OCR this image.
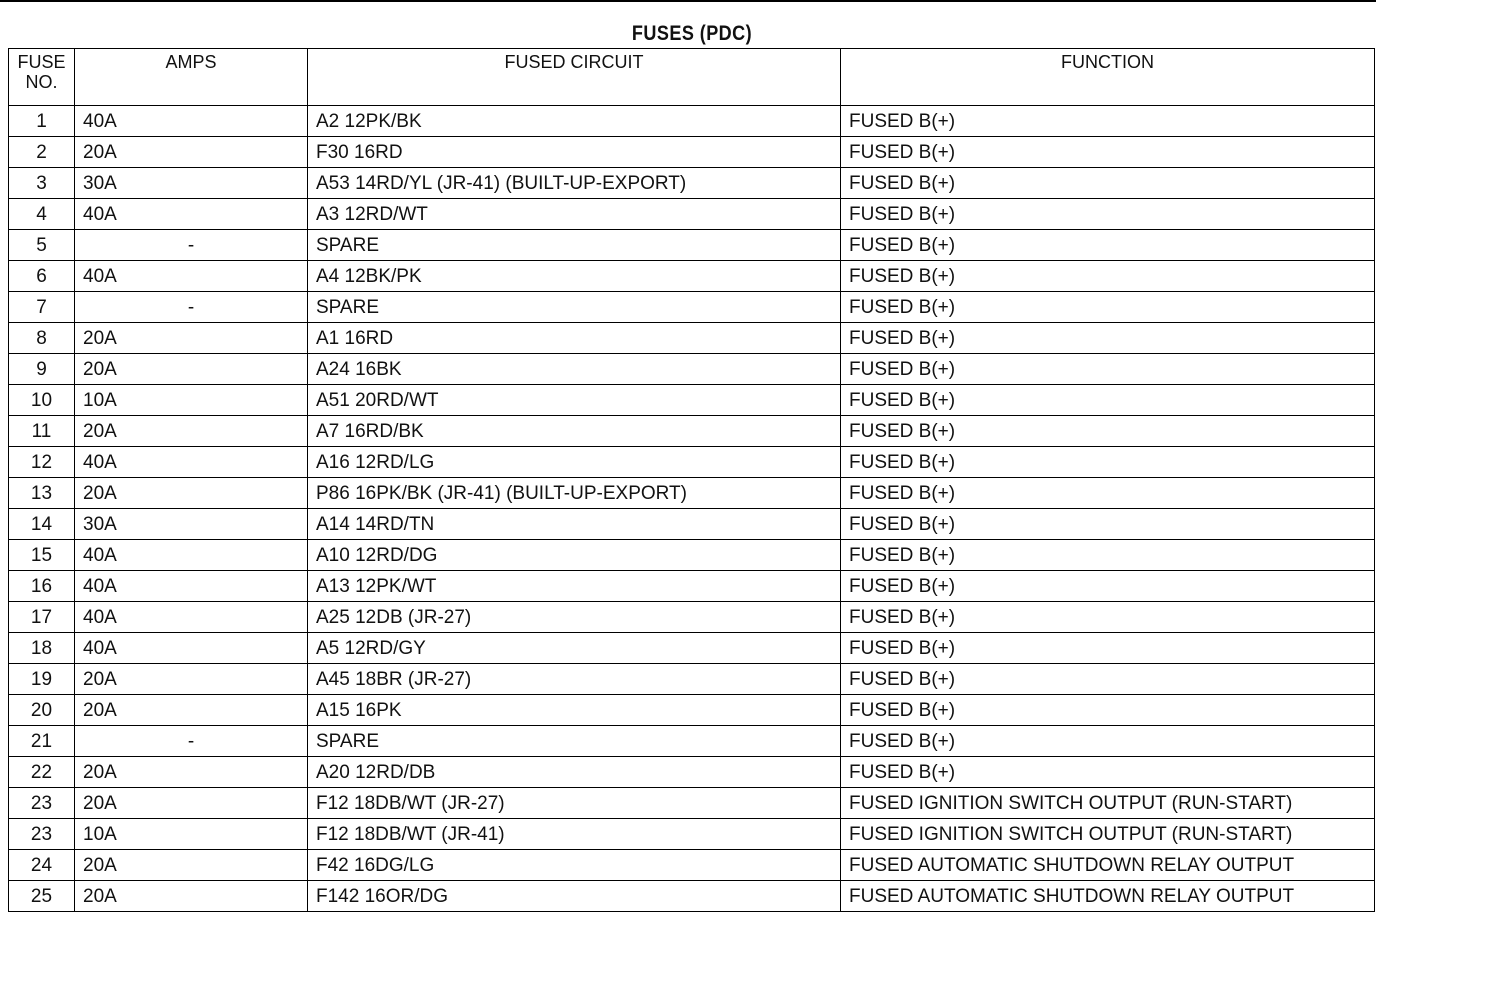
FUSES (PDC)
FUSE
NO.	AMPS	FUSED CIRCUIT	FUNCTION
1	40A	A2 12PK/BK	FUSED B(+)
2	20A	F30 16RD	FUSED B(+)
3	30A	A53 14RD/YL (JR-41) (BUILT-UP-EXPORT)	FUSED B(+)
4	40A	A3 12RD/WT	FUSED B(+)
5	-	SPARE	FUSED B(+)
6	40A	A4 12BK/PK	FUSED B(+)
7	-	SPARE	FUSED B(+)
8	20A	A1 16RD	FUSED B(+)
9	20A	A24 16BK	FUSED B(+)
10	10A	A51 20RD/WT	FUSED B(+)
11	20A	A7 16RD/BK	FUSED B(+)
12	40A	A16 12RD/LG	FUSED B(+)
13	20A	P86 16PK/BK (JR-41) (BUILT-UP-EXPORT)	FUSED B(+)
14	30A	A14 14RD/TN	FUSED B(+)
15	40A	A10 12RD/DG	FUSED B(+)
16	40A	A13 12PK/WT	FUSED B(+)
17	40A	A25 12DB (JR-27)	FUSED B(+)
18	40A	A5 12RD/GY	FUSED B(+)
19	20A	A45 18BR (JR-27)	FUSED B(+)
20	20A	A15 16PK	FUSED B(+)
21	-	SPARE	FUSED B(+)
22	20A	A20 12RD/DB	FUSED B(+)
23	20A	F12 18DB/WT (JR-27)	FUSED IGNITION SWITCH OUTPUT (RUN-START)
23	10A	F12 18DB/WT (JR-41)	FUSED IGNITION SWITCH OUTPUT (RUN-START)
24	20A	F42 16DG/LG	FUSED AUTOMATIC SHUTDOWN RELAY OUTPUT
25	20A	F142 16OR/DG	FUSED AUTOMATIC SHUTDOWN RELAY OUTPUT
